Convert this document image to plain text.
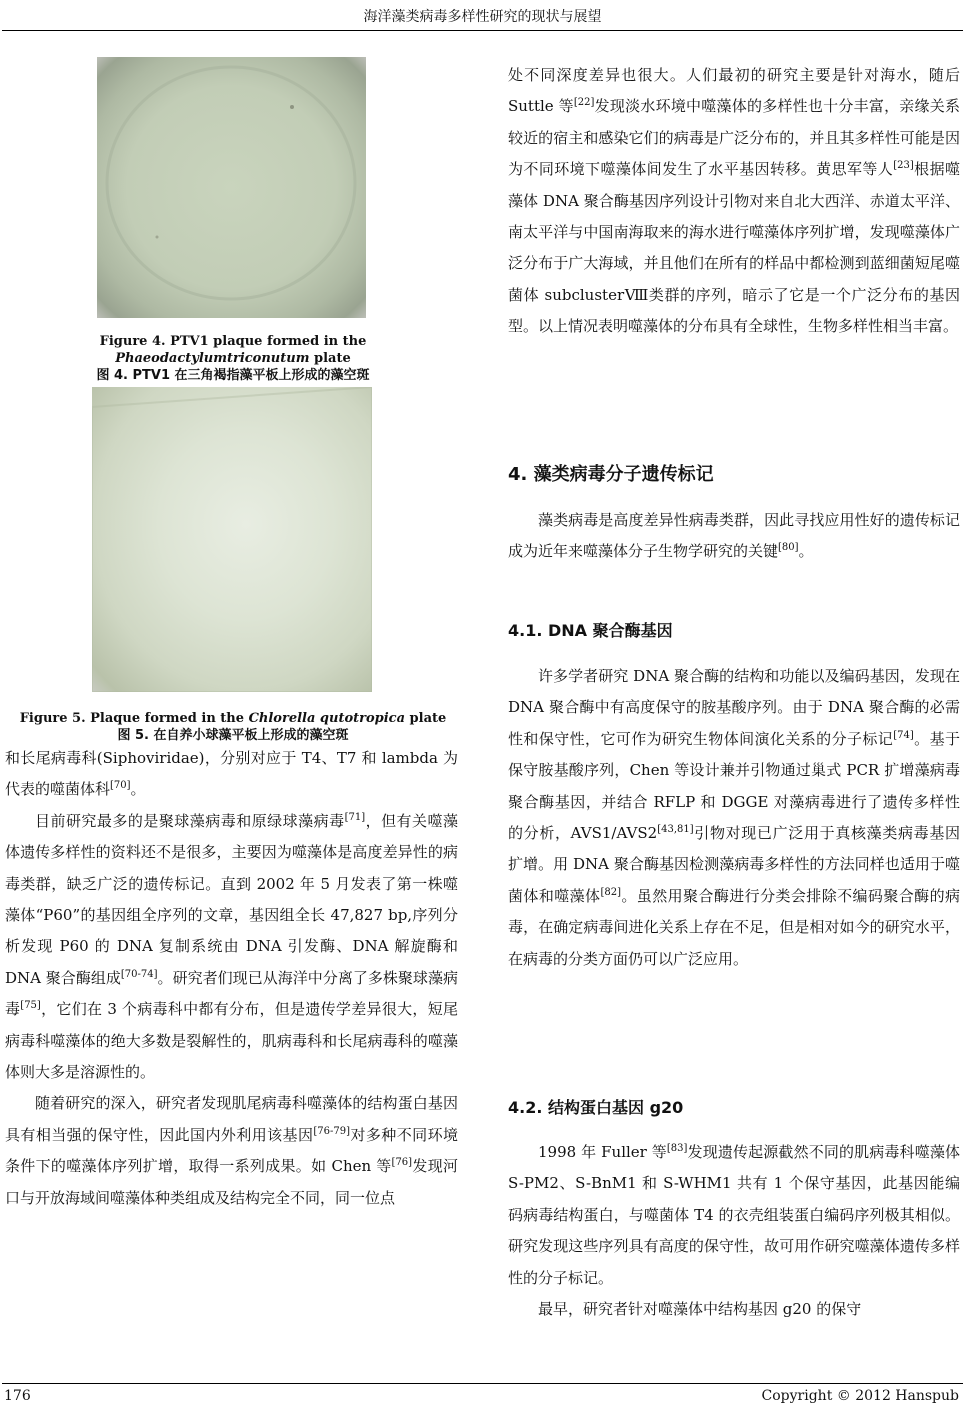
海洋藻类病毒多样性研究的现状与展望
Figure 4. PTV1 plaque formed in the Phaeodactylumtriconutum plate
图 4. PTV1 在三角褐指藻平板上形成的藻空斑
Figure 5. Plaque formed in the Chlorella qutotropica plate
图 5. 在自养小球藻平板上形成的藻空斑

和长尾病毒科(Siphoviridae)，分别对应于 T4、T7 和 lambda 为代表的噬菌体科[70]。

目前研究最多的是聚球藻病毒和原绿球藻病毒[71]，但有关噬藻体遗传多样性的资料还不是很多，主要因为噬藻体是高度差异性的病毒类群，缺乏广泛的遗传标记。直到 2002 年 5 月发表了第一株噬藻体“P60”的基因组全序列的文章，基因组全长 47,827 bp,序列分析发现 P60 的 DNA 复制系统由 DNA 引发酶、DNA 解旋酶和 DNA 聚合酶组成[70-74]。研究者们现已从海洋中分离了多株聚球藻病毒[75]，它们在 3 个病毒科中都有分布，但是遗传学差异很大，短尾病毒科噬藻体的绝大多数是裂解性的，肌病毒科和长尾病毒科的噬藻体则大多是溶源性的。

随着研究的深入，研究者发现肌尾病毒科噬藻体的结构蛋白基因具有相当强的保守性，因此国内外利用该基因[76-79]对多种不同环境条件下的噬藻体序列扩增，取得一系列成果。如 Chen 等[76]发现河口与开放海域间噬藻体种类组成及结构完全不同，同一位点

处不同深度差异也很大。人们最初的研究主要是针对海水，随后 Suttle 等[22]发现淡水环境中噬藻体的多样性也十分丰富，亲缘关系较近的宿主和感染它们的病毒是广泛分布的，并且其多样性可能是因为不同环境下噬藻体间发生了水平基因转移。黄思军等人[23]根据噬藻体 DNA 聚合酶基因序列设计引物对来自北大西洋、赤道太平洋、南太平洋与中国南海取来的海水进行噬藻体序列扩增，发现噬藻体广泛分布于广大海域，并且他们在所有的样品中都检测到蓝细菌短尾噬菌体 subclusterⅧ类群的序列，暗示了它是一个广泛分布的基因型。以上情况表明噬藻体的分布具有全球性，生物多样性相当丰富。

4. 藻类病毒分子遗传标记

藻类病毒是高度差异性病毒类群，因此寻找应用性好的遗传标记成为近年来噬藻体分子生物学研究的关键[80]。

4.1. DNA 聚合酶基因

许多学者研究 DNA 聚合酶的结构和功能以及编码基因，发现在 DNA 聚合酶中有高度保守的胺基酸序列。由于 DNA 聚合酶的必需性和保守性，它可作为研究生物体间演化关系的分子标记[74]。基于保守胺基酸序列，Chen 等设计兼并引物通过巢式 PCR 扩增藻病毒聚合酶基因，并结合 RFLP 和 DGGE 对藻病毒进行了遗传多样性的分析，AVS1/AVS2[43,81]引物对现已广泛用于真核藻类病毒基因扩增。用 DNA 聚合酶基因检测藻病毒多样性的方法同样也适用于噬菌体和噬藻体[82]。虽然用聚合酶进行分类会排除不编码聚合酶的病毒，在确定病毒间进化关系上存在不足，但是相对如今的研究水平，在病毒的分类方面仍可以广泛应用。

4.2. 结构蛋白基因 g20

1998 年 Fuller 等[83]发现遗传起源截然不同的肌病毒科噬藻体 S-PM2、S-BnM1 和 S-WHM1 共有 1 个保守基因，此基因能编码病毒结构蛋白，与噬菌体 T4 的衣壳组装蛋白编码序列极其相似。研究发现这些序列具有高度的保守性，故可用作研究噬藻体遗传多样性的分子标记。

最早，研究者针对噬藻体中结构基因 g20 的保守

176	Copyright © 2012 Hanspub
